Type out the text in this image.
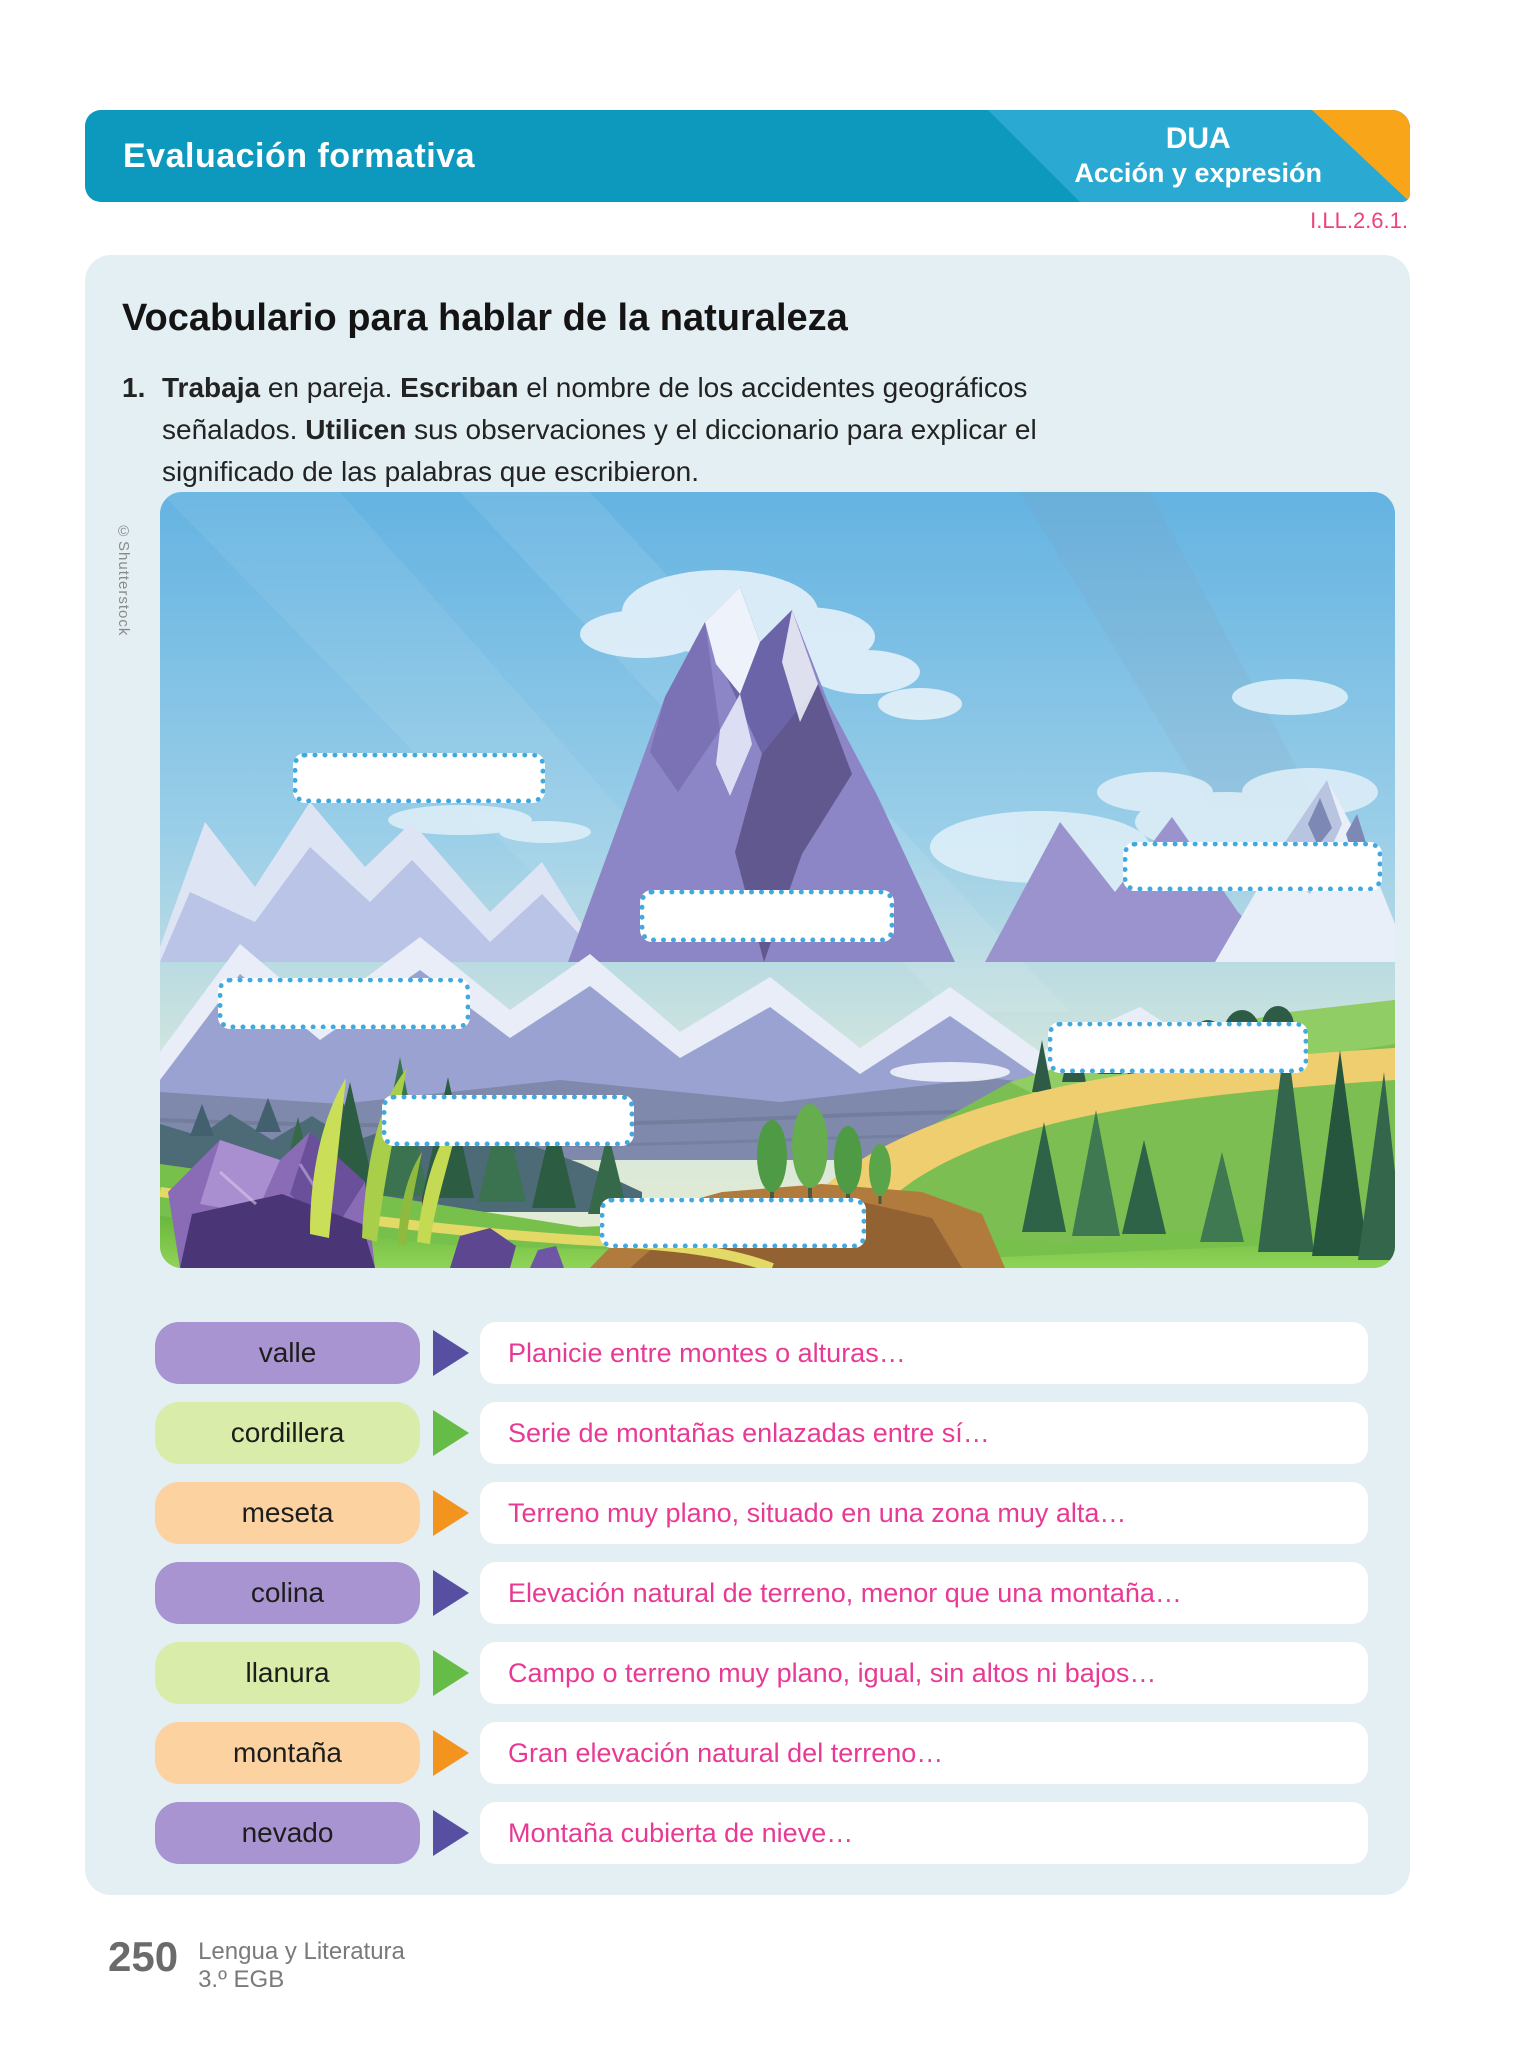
Evaluación formativa	DUA
Acción y expresión
I.LL.2.6.1.
Vocabulario para hablar de la naturaleza
1. Trabaja en pareja. Escriban el nombre de los accidentes geográficos señalados. Utilicen sus observaciones y el diccionario para explicar el significado de las palabras que escribieron.
©Shutterstock
valle	Planicie entre montes o alturas…
cordillera	Serie de montañas enlazadas entre sí…
meseta	Terreno muy plano, situado en una zona muy alta…
colina	Elevación natural de terreno, menor que una montaña…
llanura	Campo o terreno muy plano, igual, sin altos ni bajos…
montaña	Gran elevación natural del terreno…
nevado	Montaña cubierta de nieve…
250 Lengua y Literatura
3.º EGB
